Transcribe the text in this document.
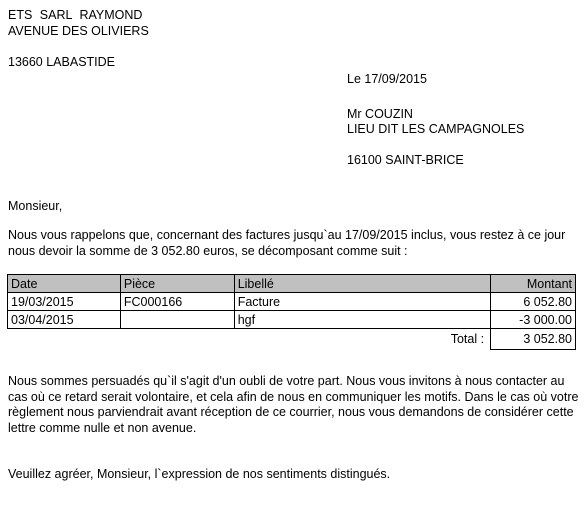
ETS SARL RAYMOND
AVENUE DES OLIVIERS
13660 LABASTIDE
Le 17/09/2015
Mr COUZIN
LIEU DIT LES CAMPAGNOLES
16100 SAINT-BRICE
Monsieur,
Nous vous rappelons que, concernant des factures jusqu`au 17/09/2015 inclus, vous restez à ce jour nous devoir la somme de 3 052.80 euros, se décomposant comme suit :
Date	Pièce	Libellé	Montant
19/03/2015	FC000166	Facture	6 052.80
03/04/2015		hgf	-3 000.00
		Total :	3 052.80
Nous sommes persuadés qu`il s'agit d'un oubli de votre part. Nous vous invitons à nous contacter au cas où ce retard serait volontaire, et cela afin de nous en communiquer les motifs. Dans le cas où votre règlement nous parviendrait avant réception de ce courrier, nous vous demandons de considérer cette lettre comme nulle et non avenue.
Veuillez agréer, Monsieur, l`expression de nos sentiments distingués.
